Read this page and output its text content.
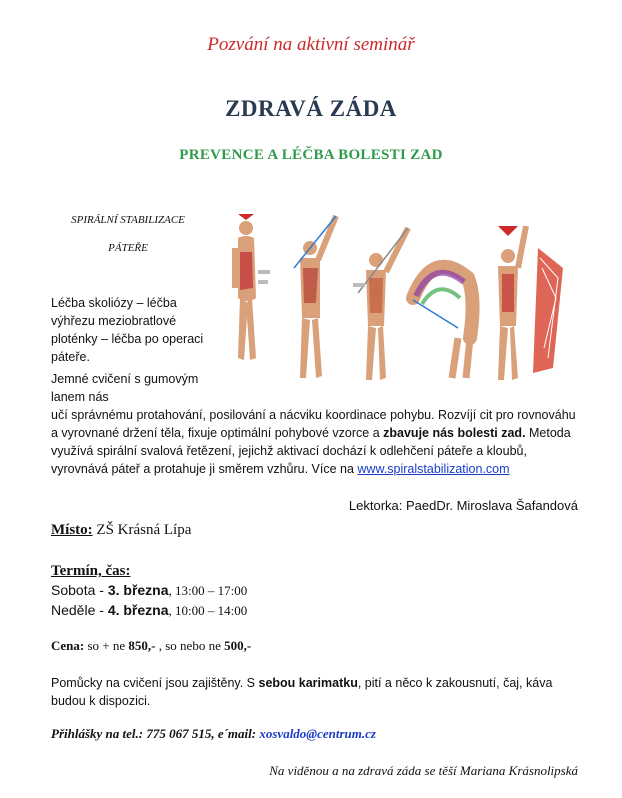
Pozvání na aktivní seminář
ZDRAVÁ ZÁDA
PREVENCE A LÉČBA BOLESTI ZAD
SPIRÁLNÍ STABILIZACE
PÁTEŘE
Léčba skoliózy – léčba výhřezu meziobratlové ploténky – léčba po operaci páteře.
Jemné cvičení s gumovým lanem nás
učí správnému protahování, posilování a nácviku koordinace pohybu. Rozvíjí cit pro rovnováhu a vyrovnané držení těla, fixuje optimální pohybové vzorce a zbavuje nás bolesti zad. Metoda využívá spirální svalová řetězení, jejichž aktivací dochází k odlehčení páteře a kloubů, vyrovnává páteř a protahuje ji směrem vzhůru. Více na www.spiralstabilization.com
Lektorka: PaedDr. Miroslava Šafandová
Místo: ZŠ Krásná Lípa
Termín, čas:
Sobota - 3. března, 13:00 – 17:00
Neděle - 4. března, 10:00 – 14:00
Cena: so + ne 850,- , so nebo ne 500,-
Pomůcky na cvičení jsou zajištěny. S sebou karimatku, pití a něco k zakousnutí, čaj, káva budou k dispozici.
Přihlášky na tel.: 775 067 515, e´mail: xosvaldo@centrum.cz
Na viděnou a na zdravá záda se těší Mariana Krásnolipská
